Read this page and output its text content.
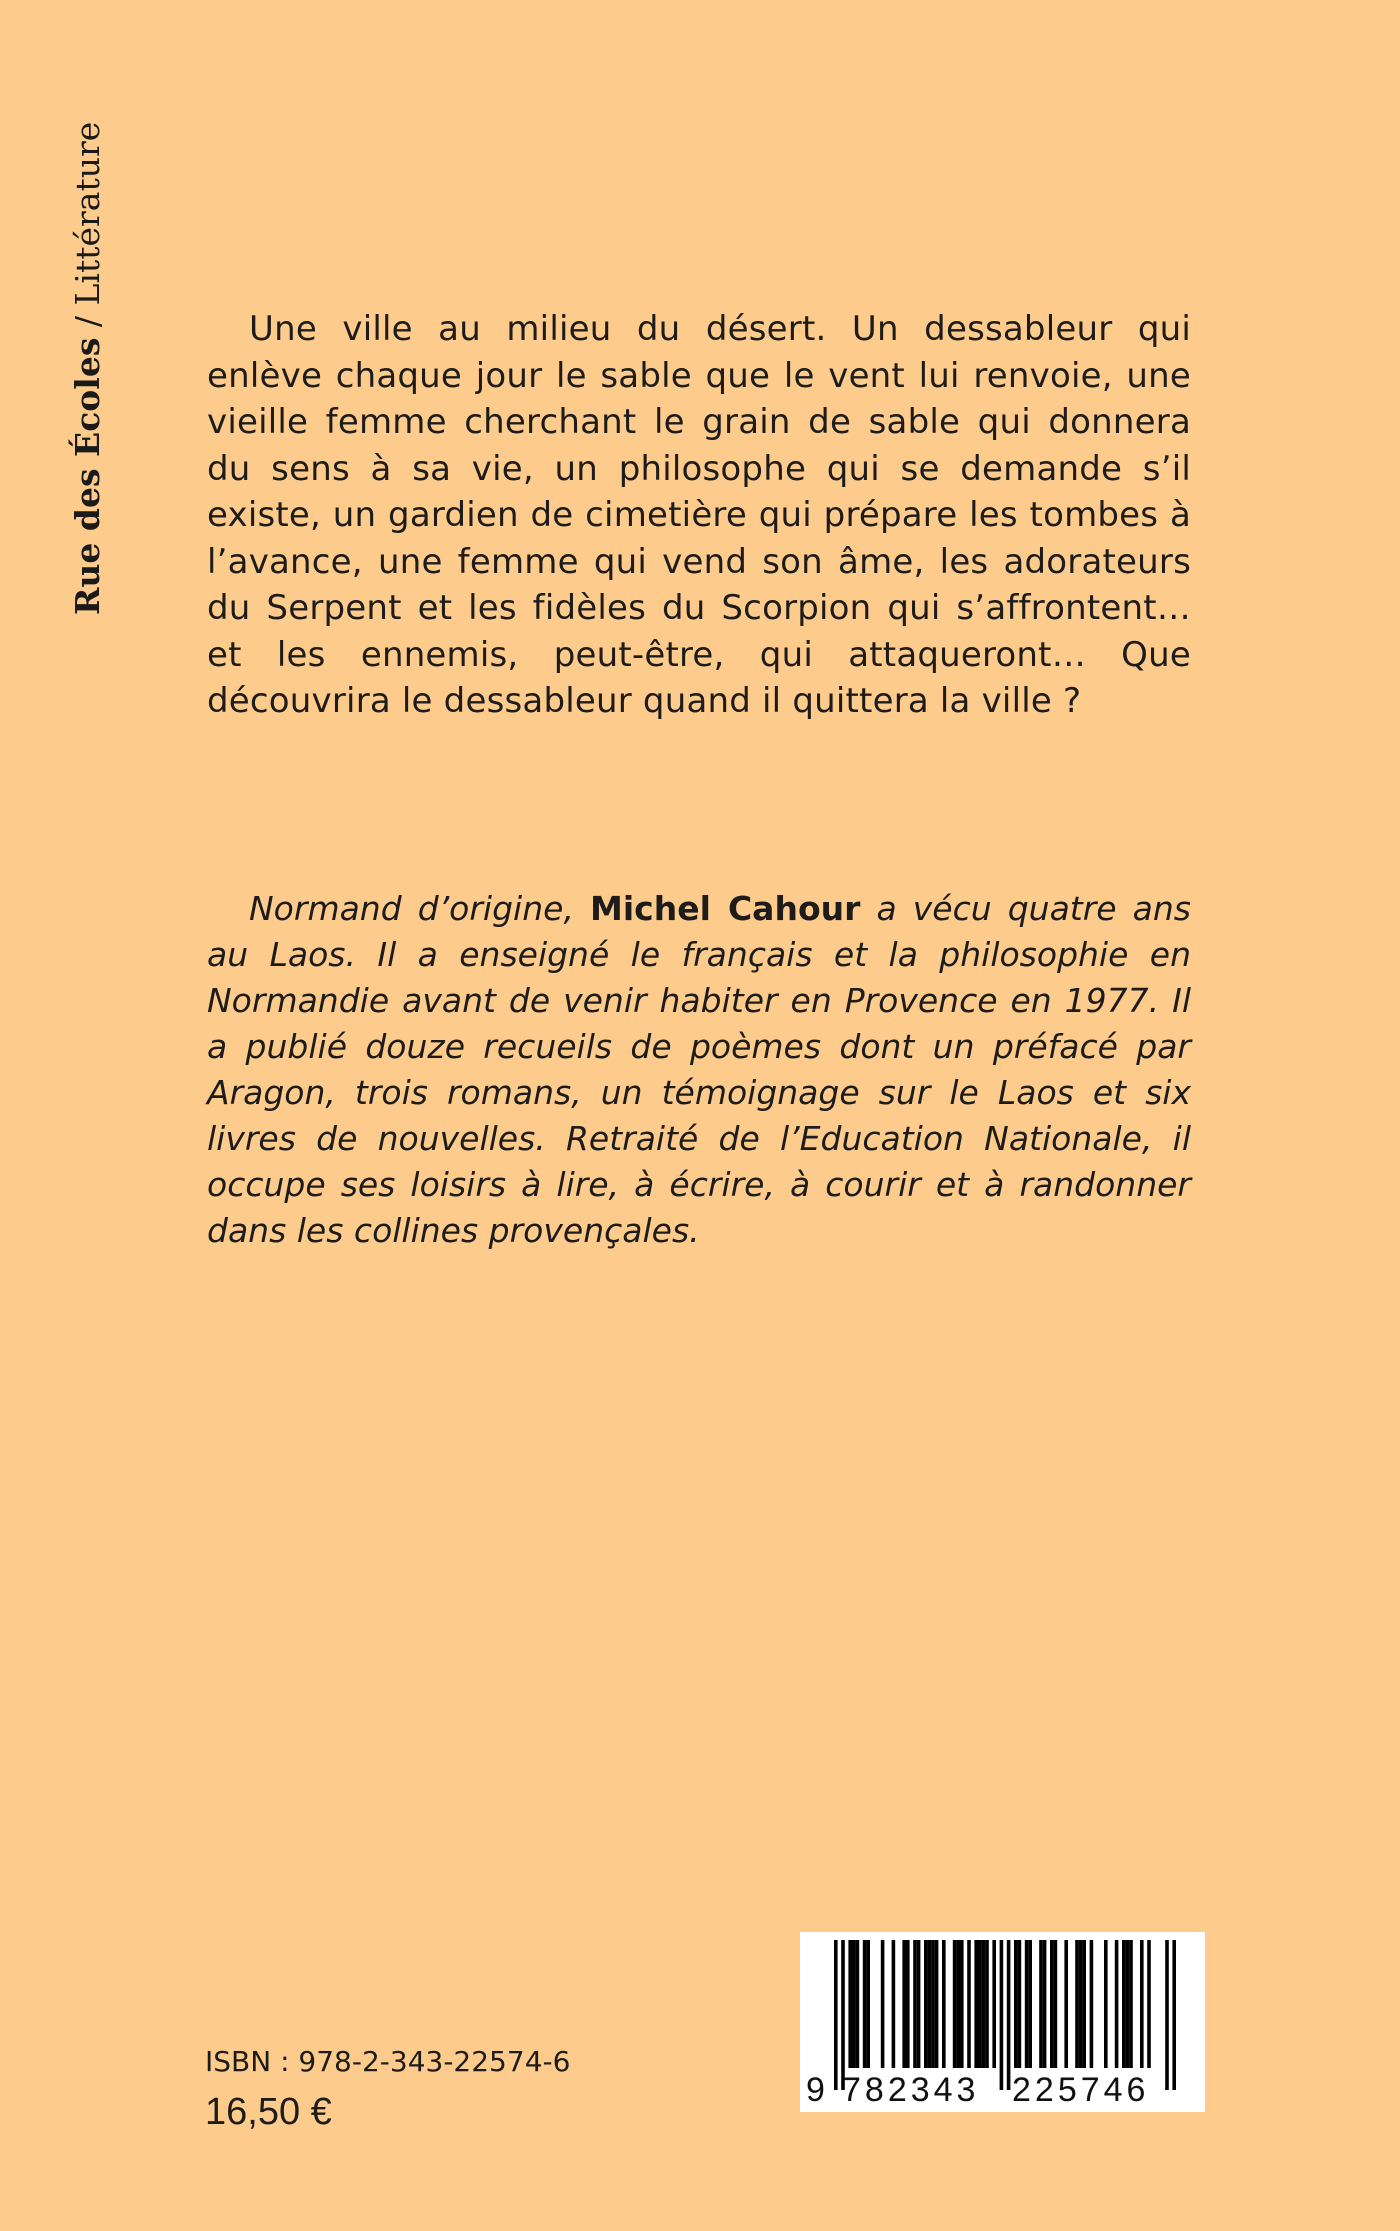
Rue des Écoles / Littérature

Une ville au milieu du désert. Un dessableur qui enlève chaque jour le sable que le vent lui renvoie, une vieille femme cherchant le grain de sable qui donnera du sens à sa vie, un philosophe qui se demande s’il existe, un gardien de cimetière qui prépare les tombes à l’avance, une femme qui vend son âme, les adorateurs du Serpent et les fidèles du Scorpion qui s’affrontent… et les ennemis, peut-être, qui attaqueront… Que découvrira le dessableur quand il quittera la ville ?

Normand d’origine, Michel Cahour a vécu quatre ans au Laos. Il a enseigné le français et la philosophie en Normandie avant de venir habiter en Provence en 1977. Il a publié douze recueils de poèmes dont un préfacé par Aragon, trois romans, un témoignage sur le Laos et six livres de nouvelles. Retraité de l’Education Nationale, il occupe ses loisirs à lire, à écrire, à courir et à randonner dans les collines provençales.

ISBN : 978-2-343-22574-6
16,50 €
9 782343 225746
